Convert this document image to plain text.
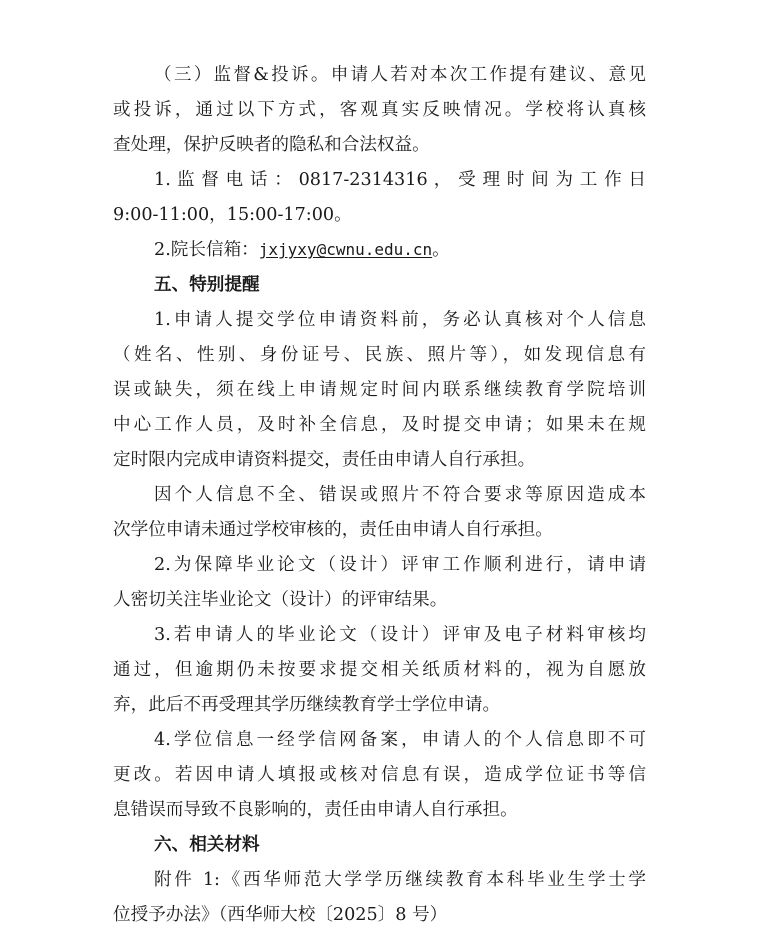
（三）监督&投诉。申请人若对本次工作提有建议、意见
或投诉，通过以下方式，客观真实反映情况。学校将认真核
查处理，保护反映者的隐私和合法权益。
1. 监 督 电 话 ： 0817-2314316 ， 受 理 时 间 为 工 作 日
9:00-11:00，15:00-17:00。
2.院长信箱：jxjyxy@cwnu.edu.cn。
五、特别提醒
1.申请人提交学位申请资料前，务必认真核对个人信息
（姓名、性别、身份证号、民族、照片等），如发现信息有
误或缺失，须在线上申请规定时间内联系继续教育学院培训
中心工作人员，及时补全信息，及时提交申请；如果未在规
定时限内完成申请资料提交，责任由申请人自行承担。
因个人信息不全、错误或照片不符合要求等原因造成本
次学位申请未通过学校审核的，责任由申请人自行承担。
2.为保障毕业论文（设计）评审工作顺利进行，请申请
人密切关注毕业论文（设计）的评审结果。
3.若申请人的毕业论文（设计）评审及电子材料审核均
通过，但逾期仍未按要求提交相关纸质材料的，视为自愿放
弃，此后不再受理其学历继续教育学士学位申请。
4.学位信息一经学信网备案，申请人的个人信息即不可
更改。若因申请人填报或核对信息有误，造成学位证书等信
息错误而导致不良影响的，责任由申请人自行承担。
六、相关材料
附件 1:《西华师范大学学历继续教育本科毕业生学士学
位授予办法》（西华师大校〔2025〕8 号）
